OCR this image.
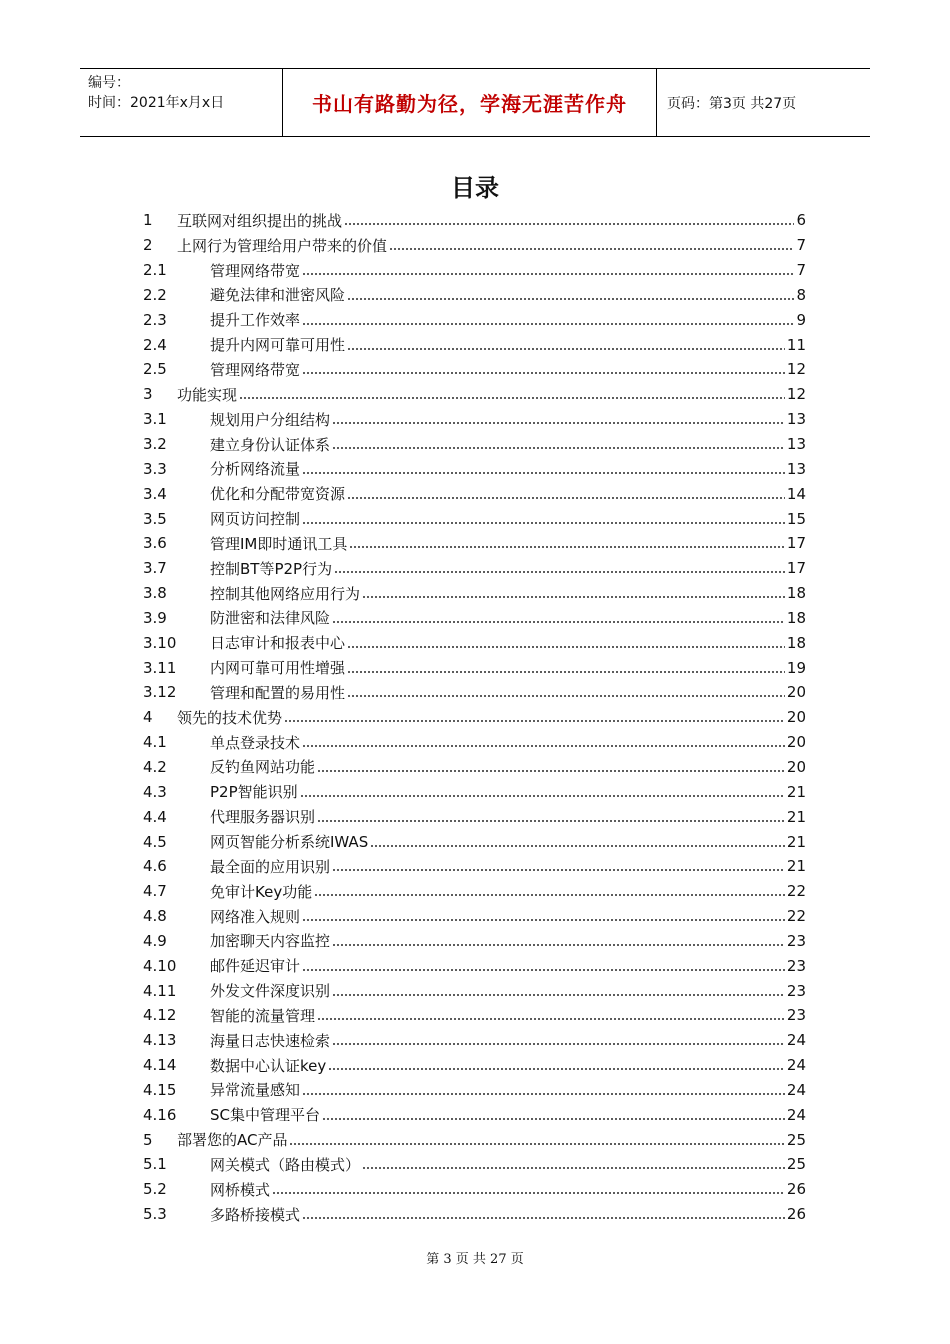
编号：
时间：2021年x月x日	书山有路勤为径，学海无涯苦作舟	页码：第3页 共27页
目录
1	互联网对组织提出的挑战	6
2	上网行为管理给用户带来的价值	7
2.1	管理网络带宽	7
2.2	避免法律和泄密风险	8
2.3	提升工作效率	9
2.4	提升内网可靠可用性	11
2.5	管理网络带宽	12
3	功能实现	12
3.1	规划用户分组结构	13
3.2	建立身份认证体系	13
3.3	分析网络流量	13
3.4	优化和分配带宽资源	14
3.5	网页访问控制	15
3.6	管理IM即时通讯工具	17
3.7	控制BT等P2P行为	17
3.8	控制其他网络应用行为	18
3.9	防泄密和法律风险	18
3.10	日志审计和报表中心	18
3.11	内网可靠可用性增强	19
3.12	管理和配置的易用性	20
4	领先的技术优势	20
4.1	单点登录技术	20
4.2	反钓鱼网站功能	20
4.3	P2P智能识别	21
4.4	代理服务器识别	21
4.5	网页智能分析系统IWAS	21
4.6	最全面的应用识别	21
4.7	免审计Key功能	22
4.8	网络准入规则	22
4.9	加密聊天内容监控	23
4.10	邮件延迟审计	23
4.11	外发文件深度识别	23
4.12	智能的流量管理	23
4.13	海量日志快速检索	24
4.14	数据中心认证key	24
4.15	异常流量感知	24
4.16	SC集中管理平台	24
5	部署您的AC产品	25
5.1	网关模式（路由模式）	25
5.2	网桥模式	26
5.3	多路桥接模式	26
第 3 页 共 27 页
